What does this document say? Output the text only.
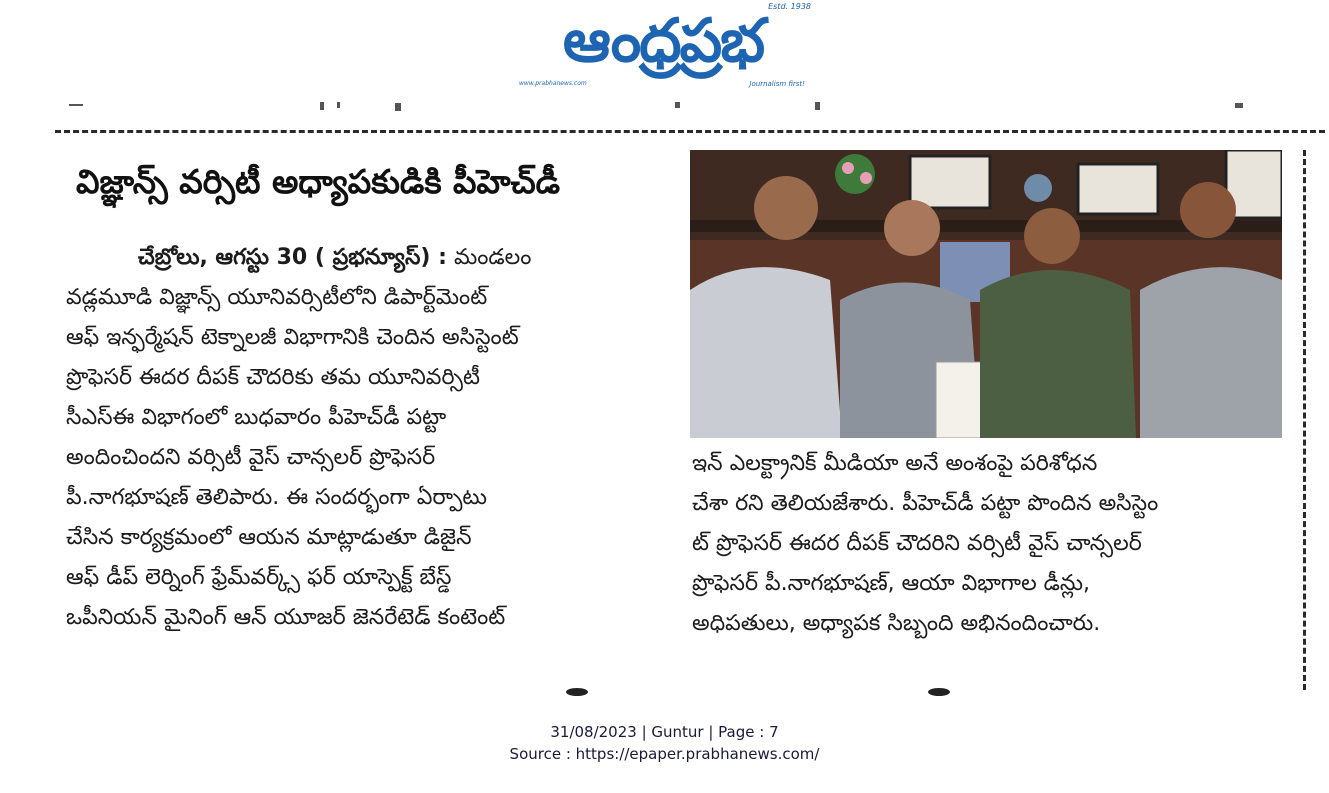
Estd. 1938
ఆంధ్రప్రభ
www.prabhanews.com	Journalism first!
విజ్ఞాన్స్ వర్సిటీ అధ్యాపకుడికి పీహెచ్‌డీ
చేబ్రోలు, ఆగస్టు 30 ( ప్రభన్యూస్) : మండలం
వడ్లమూడి విజ్ఞాన్స్ యూనివర్సిటీలోని డిపార్ట్‌మెంట్
ఆఫ్ ఇన్ఫర్మేషన్ టెక్నాలజీ విభాగానికి చెందిన అసిస్టెంట్
ప్రొఫెసర్ ఈదర దీపక్ చౌదరికు తమ యూనివర్సిటీ
సీఎస్ఈ విభాగంలో బుధవారం పీహెచ్‌డీ పట్టా
అందించిందని వర్సిటీ వైస్ చాన్సలర్ ప్రొఫెసర్
పీ.నాగభూషణ్ తెలిపారు. ఈ సందర్భంగా ఏర్పాటు
చేసిన కార్యక్రమంలో ఆయన మాట్లాడుతూ డిజైన్
ఆఫ్ డీప్ లెర్నింగ్ ఫ్రేమ్‌వర్క్స్ ఫర్ యాస్పెక్ట్ బేస్డ్
ఒపీనియన్ మైనింగ్ ఆన్ యూజర్ జెనరేటెడ్ కంటెంట్
ఇన్ ఎలక్ట్రానిక్ మీడియా అనే అంశంపై పరిశోధన
చేశా రని తెలియజేశారు. పీహెచ్‌డీ పట్టా పొందిన అసిస్టెం
ట్ ప్రొఫెసర్ ఈదర దీపక్ చౌదరిని వర్సిటీ వైస్ చాన్సలర్
ప్రొఫెసర్ పీ.నాగభూషణ్, ఆయా విభాగాల డీన్లు,
అధిపతులు, అధ్యాపక సిబ్బంది అభినందించారు.
31/08/2023 | Guntur | Page : 7
Source : https://epaper.prabhanews.com/
